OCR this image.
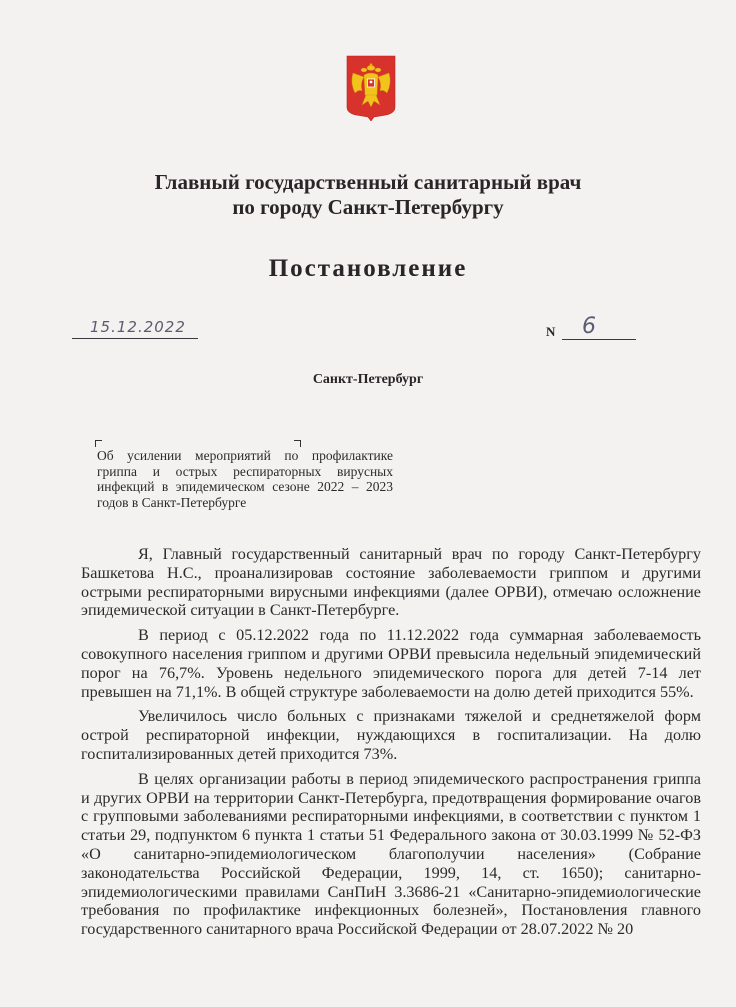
Главный государственный санитарный врач
по городу Санкт-Петербургу
Постановление
15.12.2022	N 6
Санкт-Петербург
Об усилении мероприятий по профилактике гриппа и острых респираторных вирусных инфекций в эпидемическом сезоне 2022 – 2023 годов в Санкт-Петербурге

Я, Главный государственный санитарный врач по городу Санкт-Петербургу Башкетова Н.С., проанализировав состояние заболеваемости гриппом и другими острыми респираторными вирусными инфекциями (далее ОРВИ), отмечаю осложнение эпидемической ситуации в Санкт-Петербурге.

В период с 05.12.2022 года по 11.12.2022 года суммарная заболеваемость совокупного населения гриппом и другими ОРВИ превысила недельный эпидемический порог на 76,7%. Уровень недельного эпидемического порога для детей 7-14 лет превышен на 71,1%. В общей структуре заболеваемости на долю детей приходится 55%.

Увеличилось число больных с признаками тяжелой и среднетяжелой форм острой респираторной инфекции, нуждающихся в госпитализации. На долю госпитализированных детей приходится 73%.

В целях организации работы в период эпидемического распространения гриппа и других ОРВИ на территории Санкт-Петербурга, предотвращения формирование очагов с групповыми заболеваниями респираторными инфекциями, в соответствии с пунктом 1 статьи 29, подпунктом 6 пункта 1 статьи 51 Федерального закона от 30.03.1999 № 52-ФЗ «О санитарно-эпидемиологическом благополучии населения» (Собрание законодательства Российской Федерации, 1999, 14, ст. 1650); санитарно-эпидемиологическими правилами СанПиН 3.3686-21 «Санитарно-эпидемиологические требования по профилактике инфекционных болезней», Постановления главного государственного санитарного врача Российской Федерации от 28.07.2022 № 20
